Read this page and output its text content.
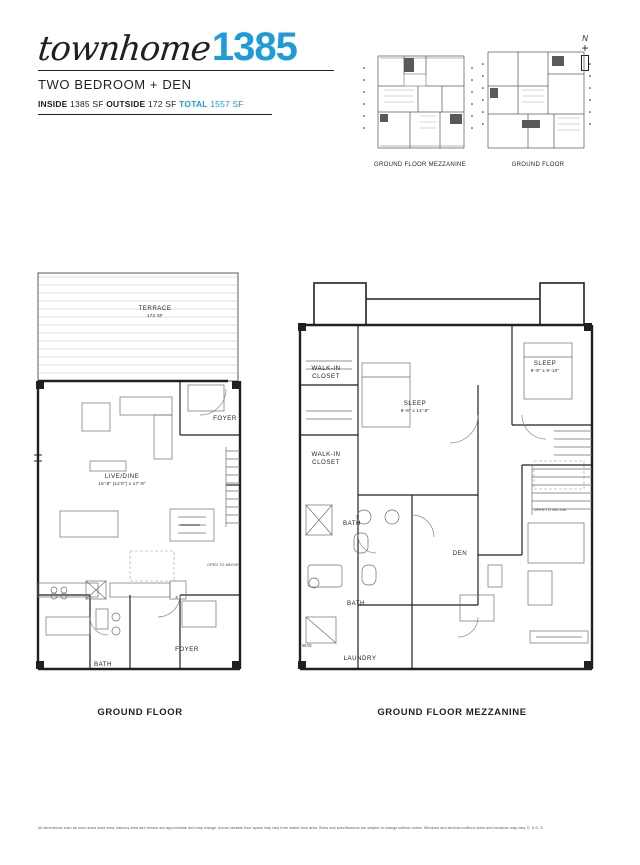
townhome 1385
TWO BEDROOM + DEN
INSIDE 1385 SF OUTSIDE 172 SF TOTAL 1557 SF
N
+
GROUND FLOOR MEZZANINE	GROUND FLOOR
TERRACE
172 SF
FOYER
LIVE/DINE
16'-8" (12'0") x 17'-9"
BATH
FOYER
OPEN TO ABOVE
F
WALK-IN CLOSET
WALK-IN CLOSET
SLEEP
9'-8" x 14'-8"
SLEEP
9'-9" x 9'-10"
BATH
BATH
DEN
LAUNDRY
W/D
OPEN TO BELOW
GROUND FLOOR	GROUND FLOOR MEZZANINE
All dimensions such as room sizes suite area, balcony area and terrace are approximate and may change. Actual useable floor space may vary from stated floor area. Sizes and specifications are subject to change without notice. Windows and window mullions sizes and locations may vary. E. & O. E.
